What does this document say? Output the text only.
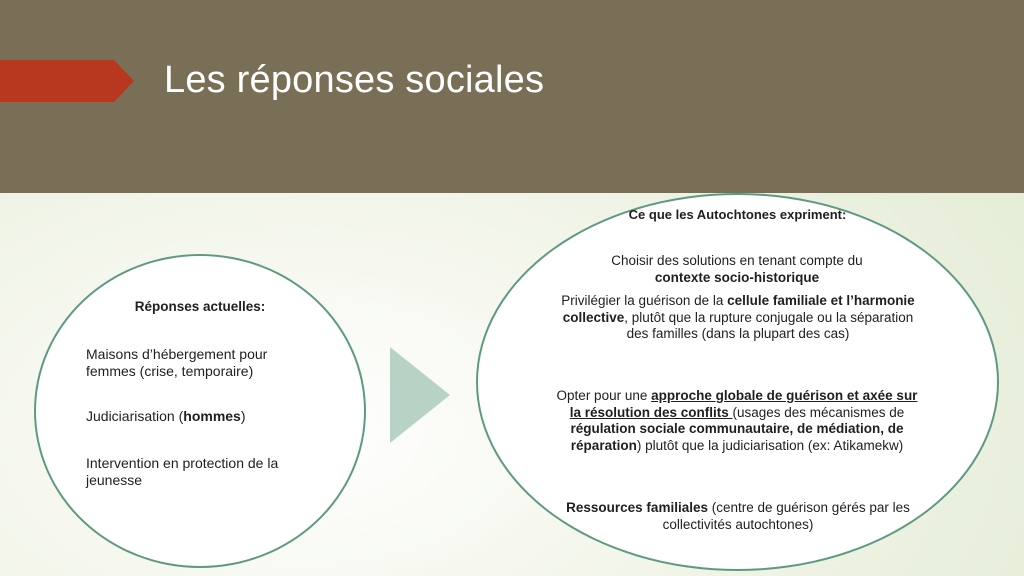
Les réponses sociales
Réponses actuelles:
Maisons d’hébergement pour femmes (crise, temporaire)
Judiciarisation (hommes)
Intervention en protection de la jeunesse
Ce que les Autochtones expriment:
Choisir des solutions en tenant compte du
contexte socio-historique
Privilégier la guérison de la cellule familiale et l’harmonie collective, plutôt que la rupture conjugale ou la séparation des familles (dans la plupart des cas)
Opter pour une approche globale de guérison et axée sur la résolution des conflits (usages des mécanismes de régulation sociale communautaire, de médiation, de réparation) plutôt que la judiciarisation (ex: Atikamekw)
Ressources familiales (centre de guérison gérés par les collectivités autochtones)
